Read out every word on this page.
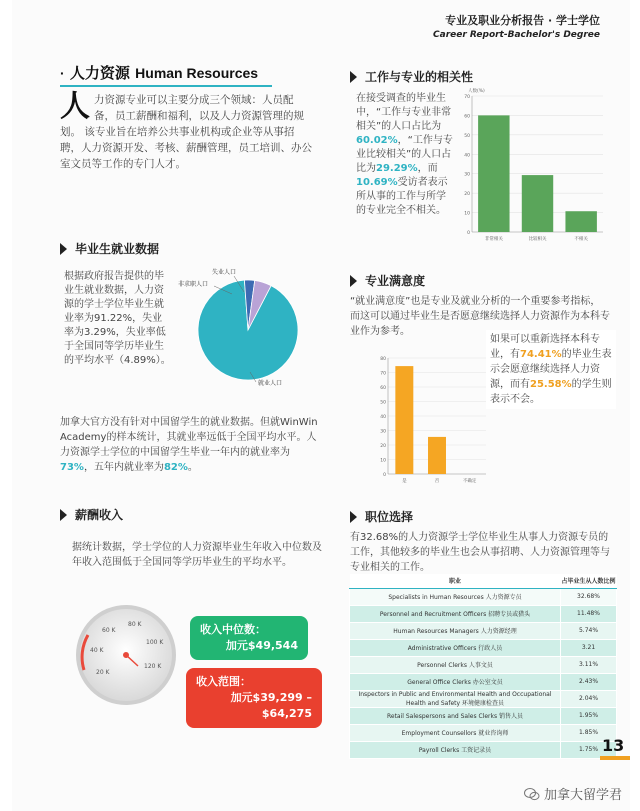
专业及职业分析报告 · 学士学位
Career Report-Bachelor's Degree
· 人力资源 Human Resources
人 力资源专业可以主要分成三个领域：人员配备，员工薪酬和福利，以及人力资源管理的规划。 该专业旨在培养公共事业机构或企业等从事招聘，人力资源开发、考核、薪酬管理，员工培训、办公室文员等工作的专门人才。
毕业生就业数据
根据政府报告提供的毕业生就业数据，人力资源的学士学位毕业生就业率为91.22%，失业率为3.29%，失业率低于全国同等学历毕业生的平均水平（4.89%）。
失业人口
非求职人口
就业人口
加拿大官方没有针对中国留学生的就业数据。但就WinWin Academy的样本统计，其就业率远低于全国平均水平。人力资源学士学位的中国留学生毕业一年内的就业率为73%，五年内就业率为82%。
工作与专业的相关性
在接受调查的毕业生中，“工作与专业非常相关”的人口占比为60.02%，“工作与专业比较相关”的人口占比为29.29%，而10.69%受访者表示所从事的工作与所学的专业完全不相关。
0
10
20
30
40
50
60
70
人数(%)
非常相关	比较相关	不相关
专业满意度
“就业满意度”也是专业及就业分析的一个重要参考指标，而这可以通过毕业生是否愿意继续选择人力资源作为本科专业作为参考。
0
10
20
30
40
50
60
70
80
是	否	不确定
如果可以重新选择本科专业，有74.41%的毕业生表示会愿意继续选择人力资源，而有25.58%的学生则表示不会。
薪酬收入
据统计数据，学士学位的人力资源毕业生年收入中位数及年收入范围低于全国同等学历毕业生的平均水平。
20 K
40 K
60 K
80 K
100 K
120 K
收入中位数：
加元$49,544
收入范围：
加元$39,299 – $64,275
职位选择
有32.68%的人力资源学士学位毕业生从事人力资源专员的工作，其他较多的毕业生也会从事招聘、人力资源管理等与专业相关的工作。
职业	占毕业生从人数比例
Specialists in Human Resources 人力资源专员	32.68%
Personnel and Recruitment Officers 招聘专员或猎头	11.48%
Human Resources Managers 人力资源经理	5.74%
Administrative Officers 行政人员	3.21
Personnel Clerks 人事文员	3.11%
General Office Clerks 办公室文员	2.43%
Inspectors in Public and Environmental Health and Occupational Health and Safety 环境健康检查员	2.04%
Retail Salespersons and Sales Clerks 销售人员	1.95%
Employment Counsellors 就业咨询师	1.85%
Payroll Clerks 工资记录员	1.75% 13
加拿大留学君
